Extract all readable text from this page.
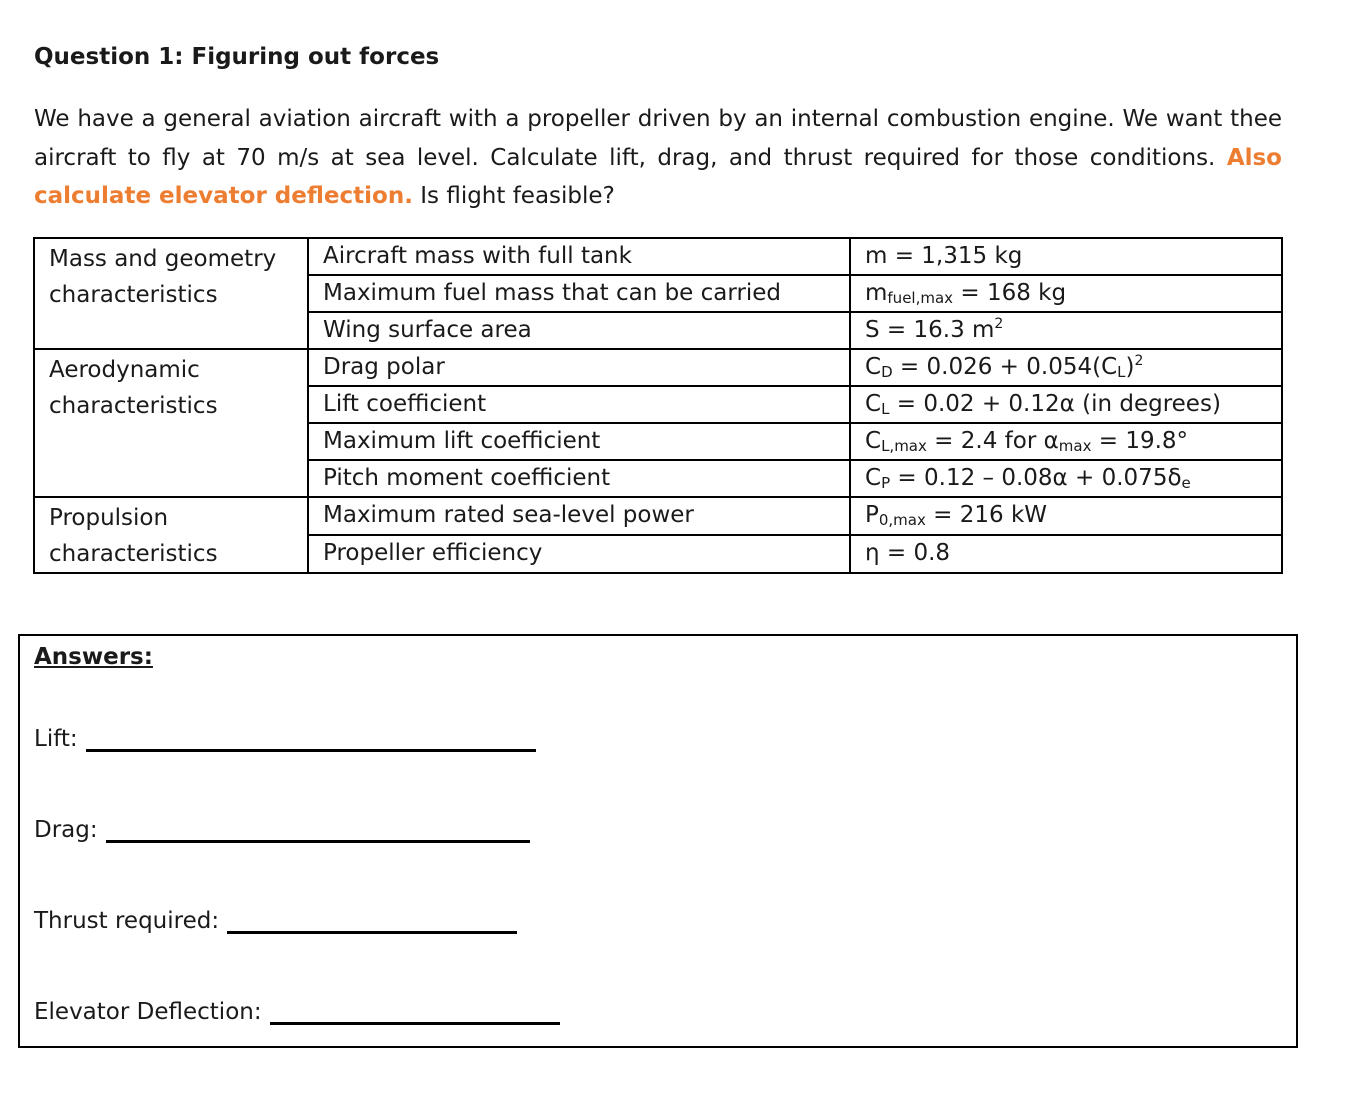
Question 1: Figuring out forces
We have a general aviation aircraft with a propeller driven by an internal combustion engine. We want thee aircraft to fly at 70 m/s at sea level. Calculate lift, drag, and thrust required for those conditions. Also calculate elevator deflection. Is flight feasible?
Mass and geometry characteristics	Aircraft mass with full tank	m = 1,315 kg
	Maximum fuel mass that can be carried	$m_{fuel,max} = 168$ kg
	Wing surface area	S = 16.3 $m^2$
Aerodynamic characteristics	Drag polar	$C_D = 0.026 + 0.054(C_L)^2$
	Lift coefficient	$C_L = 0.02 + 0.12\alpha$ (in degrees)
	Maximum lift coefficient	$C_{L,max} = 2.4$ for $\alpha_{max} = 19.8^\circ$
	Pitch moment coefficient	$C_P = 0.12 - 0.08\alpha + 0.075\delta_e$
Propulsion characteristics	Maximum rated sea-level power	$P_{0,max} = 216$ kW
	Propeller efficiency	η = 0.8
Answers:
Lift:
Drag:
Thrust required:
Elevator Deflection:
